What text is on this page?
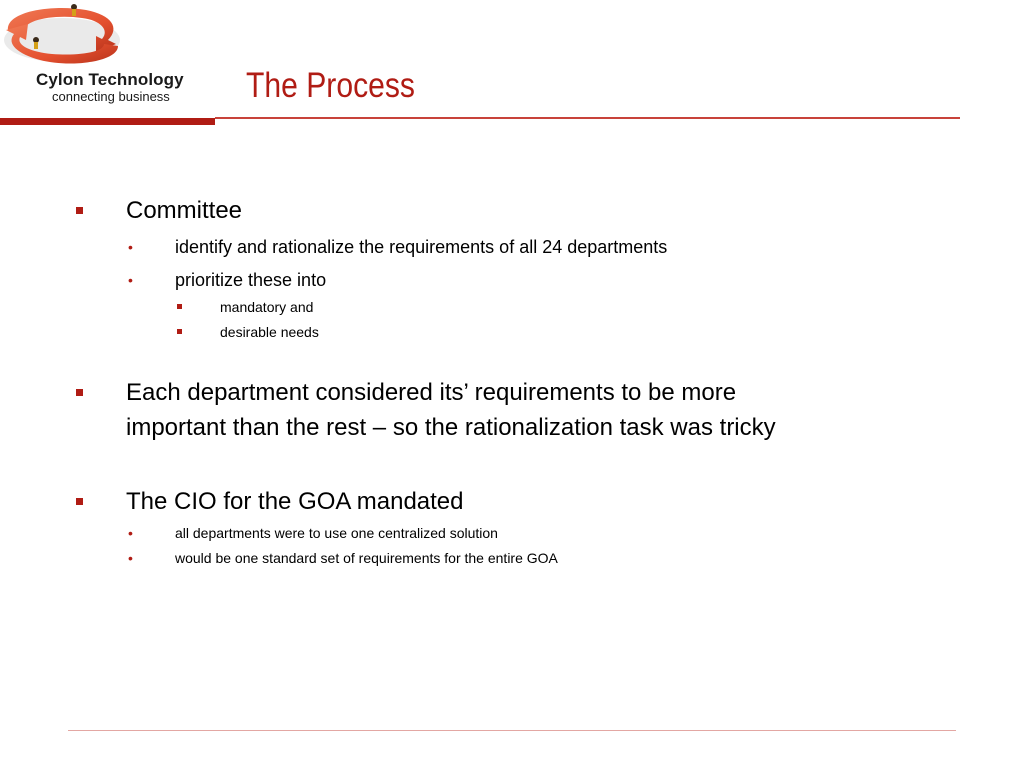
Cylon Technology
connecting business The Process
Committee
• identify and rationalize the requirements of all 24 departments
• prioritize these into
mandatory and
desirable needs
Each department considered its’ requirements to be more
important than the rest – so the rationalization task was tricky
The CIO for the GOA mandated
•	all departments were to use one centralized solution
•	would be one standard set of requirements for the entire GOA
